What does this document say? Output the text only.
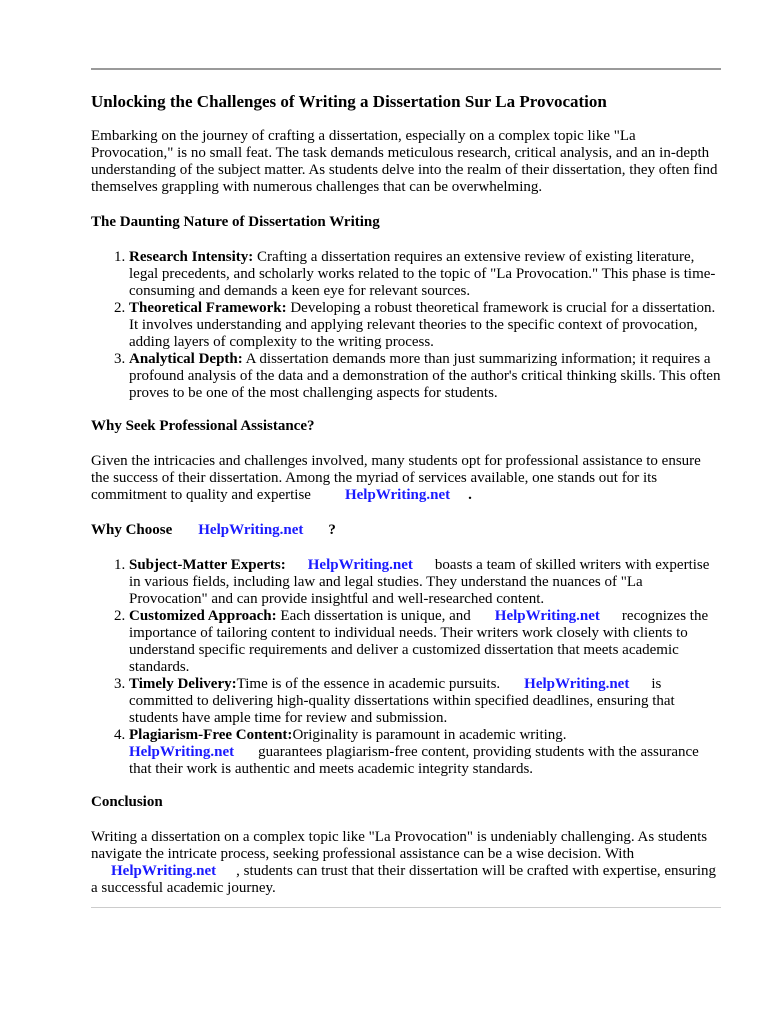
Unlocking the Challenges of Writing a Dissertation Sur La Provocation

Embarking on the journey of crafting a dissertation, especially on a complex topic like "La Provocation," is no small feat. The task demands meticulous research, critical analysis, and an in-depth understanding of the subject matter. As students delve into the realm of their dissertation, they often find themselves grappling with numerous challenges that can be overwhelming.

The Daunting Nature of Dissertation Writing
1. Research Intensity: Crafting a dissertation requires an extensive review of existing literature, legal precedents, and scholarly works related to the topic of "La Provocation." This phase is time-consuming and demands a keen eye for relevant sources.
2. Theoretical Framework: Developing a robust theoretical framework is crucial for a dissertation. It involves understanding and applying relevant theories to the specific context of provocation, adding layers of complexity to the writing process.
3. Analytical Depth: A dissertation demands more than just summarizing information; it requires a profound analysis of the data and a demonstration of the author's critical thinking skills. This often proves to be one of the most challenging aspects for students.
Why Seek Professional Assistance?

Given the intricacies and challenges involved, many students opt for professional assistance to ensure the success of their dissertation. Among the myriad of services available, one stands out for its commitment to quality and expertise HelpWriting.net .

Why Choose HelpWriting.net ?
1. Subject-Matter Experts: HelpWriting.net boasts a team of skilled writers with expertise in various fields, including law and legal studies. They understand the nuances of "La Provocation" and can provide insightful and well-researched content.
2. Customized Approach: Each dissertation is unique, and HelpWriting.net recognizes the importance of tailoring content to individual needs. Their writers work closely with clients to understand specific requirements and deliver a customized dissertation that meets academic standards.
3. Timely Delivery:Time is of the essence in academic pursuits. HelpWriting.net is committed to delivering high-quality dissertations within specified deadlines, ensuring that students have ample time for review and submission.
4. Plagiarism-Free Content:Originality is paramount in academic writing.
HelpWriting.net guarantees plagiarism-free content, providing students with the assurance that their work is authentic and meets academic integrity standards.
Conclusion

Writing a dissertation on a complex topic like "La Provocation" is undeniably challenging. As students navigate the intricate process, seeking professional assistance can be a wise decision. With
HelpWriting.net , students can trust that their dissertation will be crafted with expertise, ensuring a successful academic journey.
